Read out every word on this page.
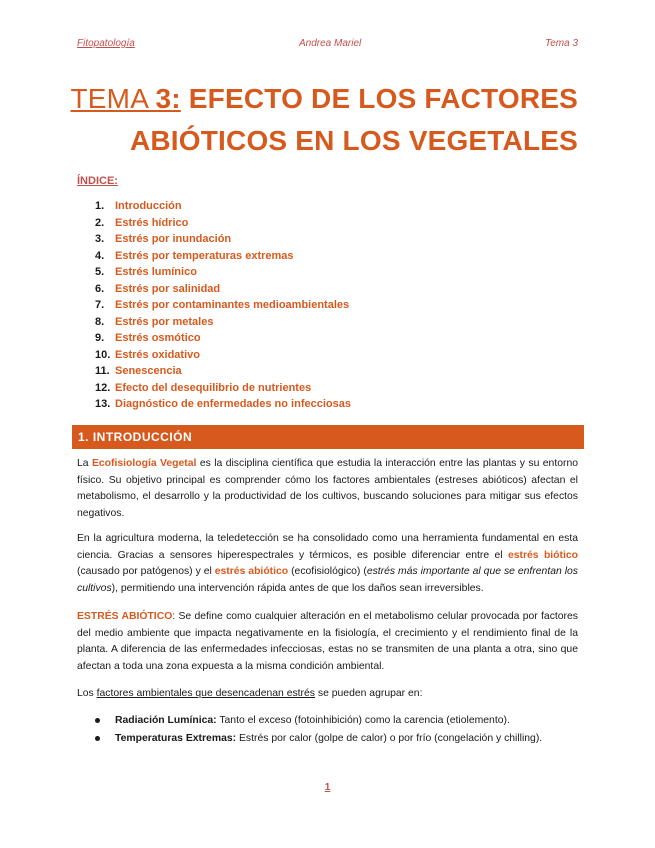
Fitopatología	Andrea Mariel	Tema 3
TEMA 3: EFECTO DE LOS FACTORES
ABIÓTICOS EN LOS VEGETALES
ÍNDICE:
1. Introducción
2. Estrés hídrico
3. Estrés por inundación
4. Estrés por temperaturas extremas
5. Estrés lumínico
6. Estrés por salinidad
7. Estrés por contaminantes medioambientales
8. Estrés por metales
9. Estrés osmótico
10. Estrés oxidativo
11. Senescencia
12. Efecto del desequilibrio de nutrientes
13. Diagnóstico de enfermedades no infecciosas
1. INTRODUCCIÓN

La Ecofisiología Vegetal es la disciplina científica que estudia la interacción entre las plantas y su entorno físico. Su objetivo principal es comprender cómo los factores ambientales (estreses abióticos) afectan el metabolismo, el desarrollo y la productividad de los cultivos, buscando soluciones para mitigar sus efectos negativos.

En la agricultura moderna, la teledetección se ha consolidado como una herramienta fundamental en esta ciencia. Gracias a sensores hiperespectrales y térmicos, es posible diferenciar entre el estrés biótico (causado por patógenos) y el estrés abiótico (ecofisiológico) (estrés más importante al que se enfrentan los cultivos), permitiendo una intervención rápida antes de que los daños sean irreversibles.

ESTRÉS ABIÓTICO: Se define como cualquier alteración en el metabolismo celular provocada por factores del medio ambiente que impacta negativamente en la fisiología, el crecimiento y el rendimiento final de la planta. A diferencia de las enfermedades infecciosas, estas no se transmiten de una planta a otra, sino que afectan a toda una zona expuesta a la misma condición ambiental.

Los factores ambientales que desencadenan estrés se pueden agrupar en:

Radiación Lumínica: Tanto el exceso (fotoinhibición) como la carencia (etiolemento).
Temperaturas Extremas: Estrés por calor (golpe de calor) o por frío (congelación y chilling).
1
